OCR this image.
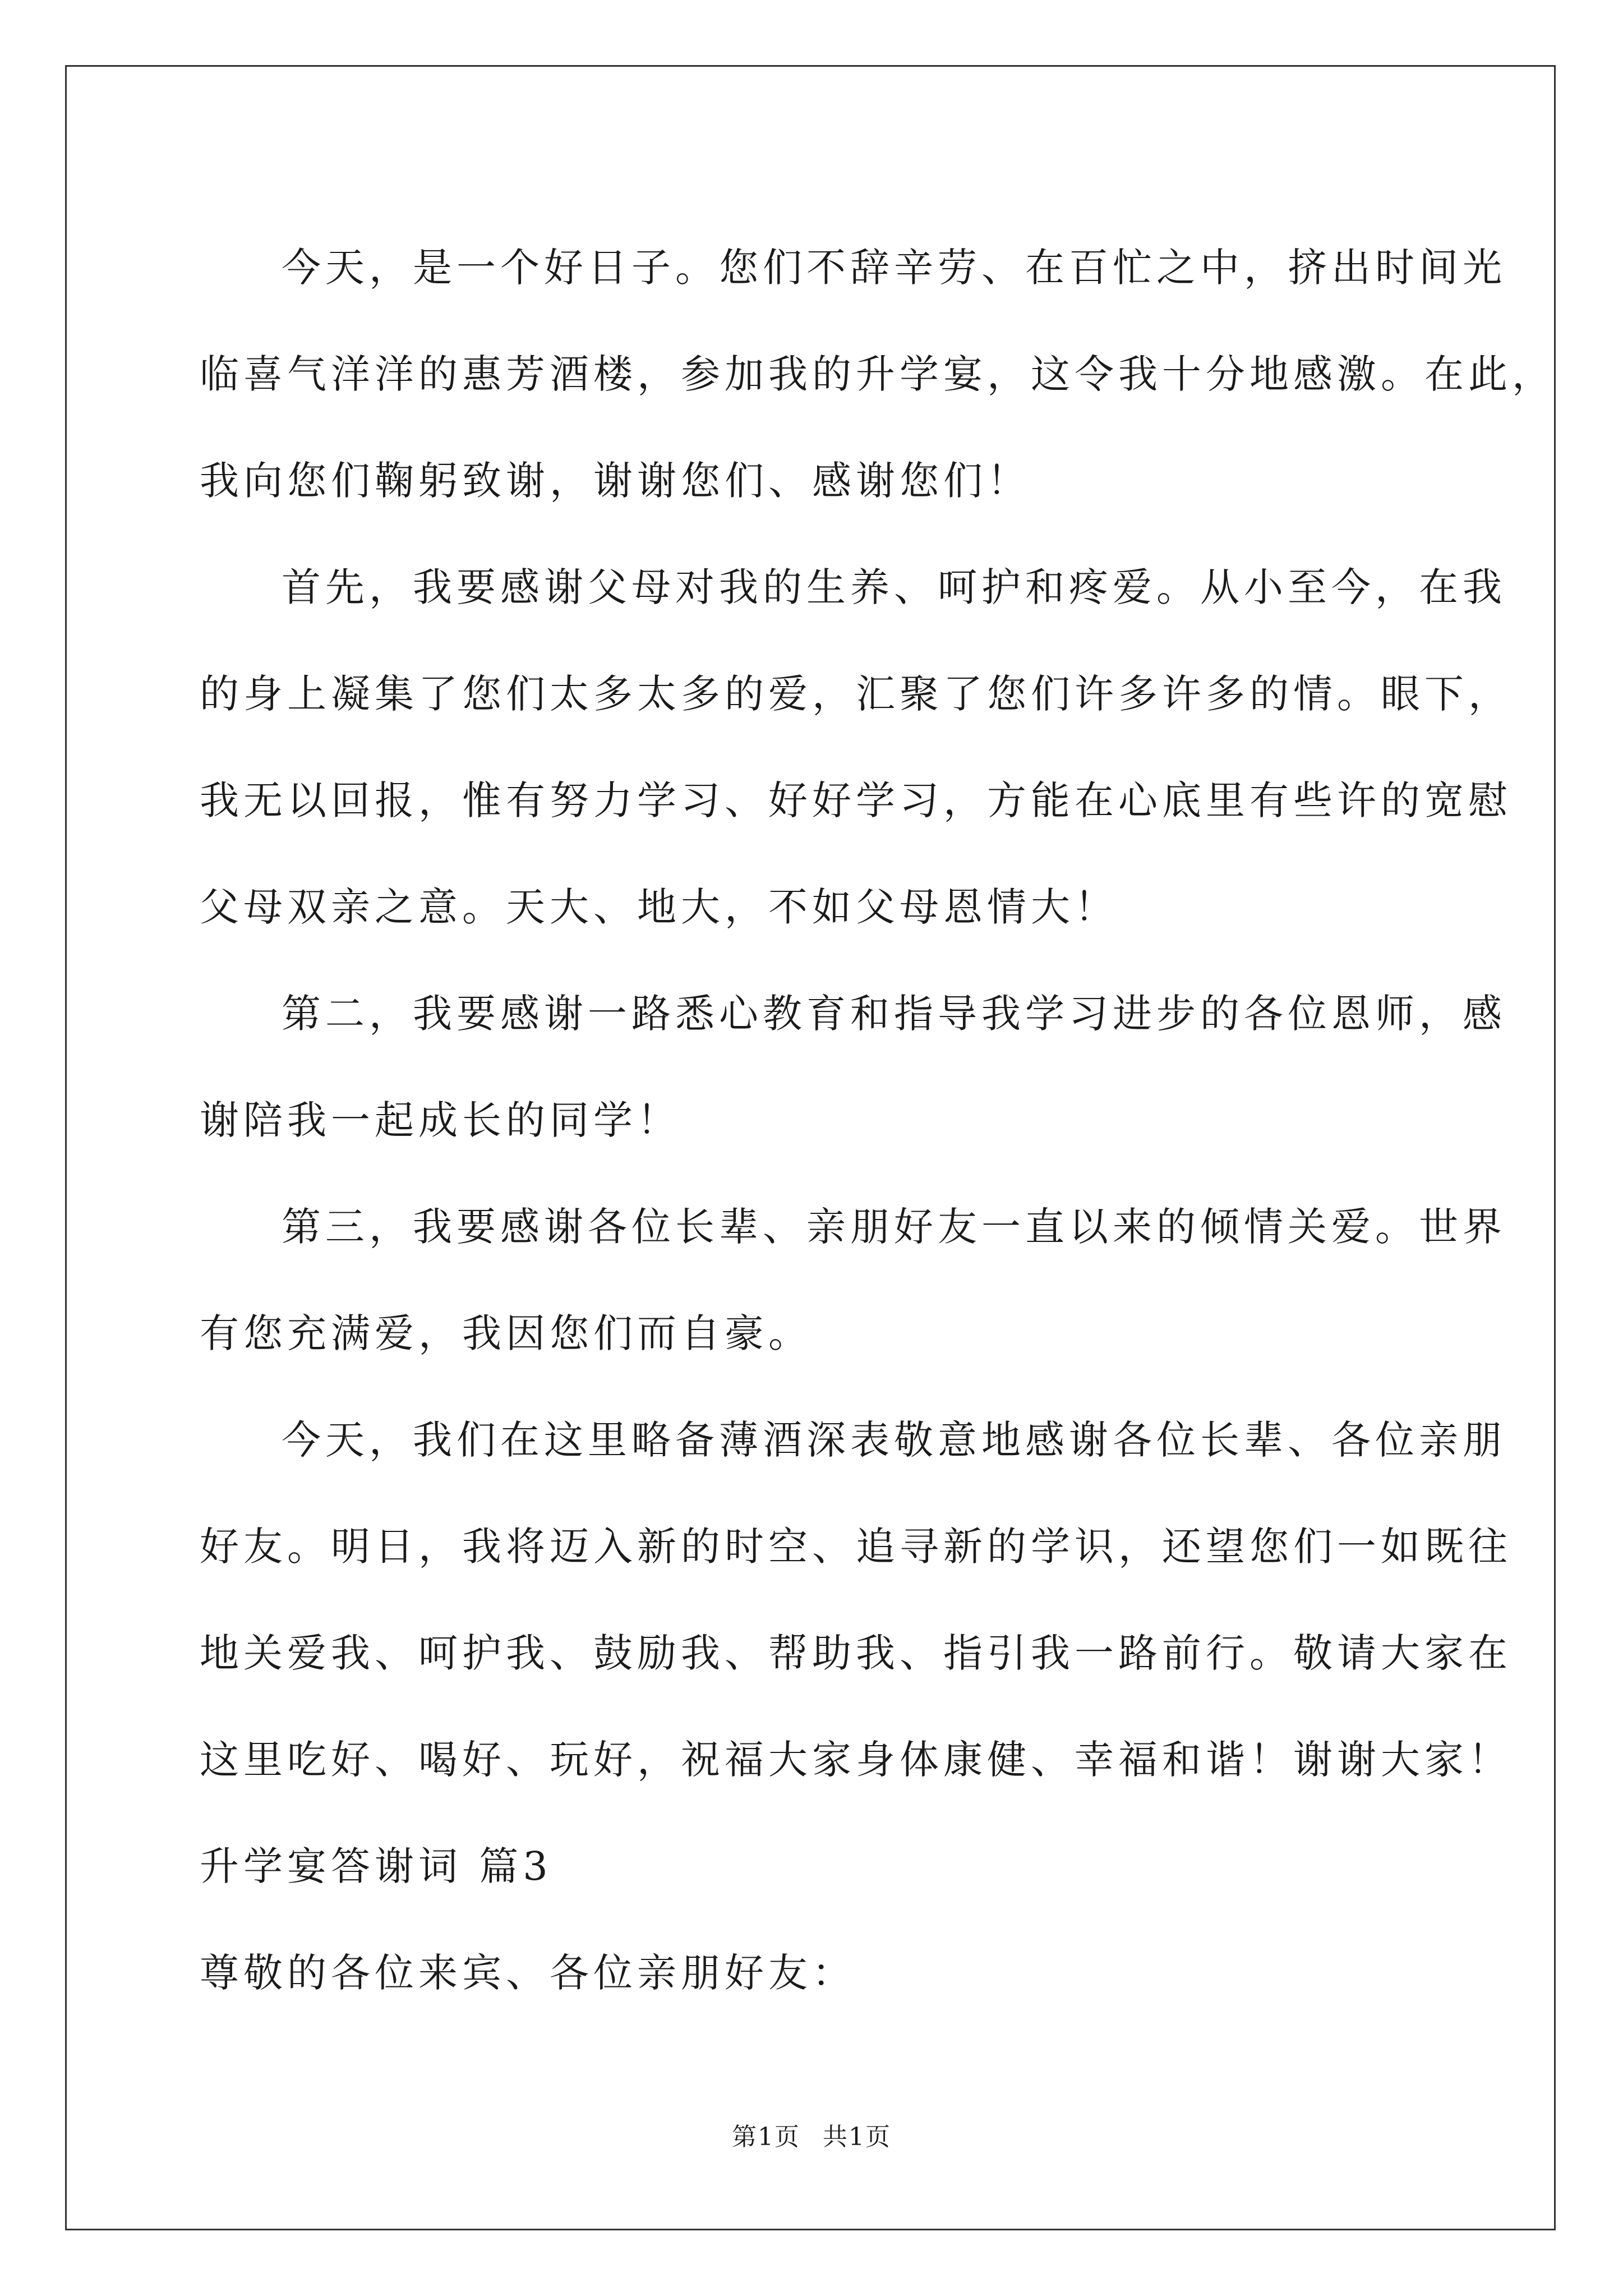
今天，是一个好日子。您们不辞辛劳、在百忙之中，挤出时间光

临喜气洋洋的惠芳酒楼，参加我的升学宴，这令我十分地感激。在此，

我向您们鞠躬致谢，谢谢您们、感谢您们！

首先，我要感谢父母对我的生养、呵护和疼爱。从小至今，在我

的身上凝集了您们太多太多的爱，汇聚了您们许多许多的情。眼下，

我无以回报，惟有努力学习、好好学习，方能在心底里有些许的宽慰

父母双亲之意。天大、地大，不如父母恩情大！

第二，我要感谢一路悉心教育和指导我学习进步的各位恩师，感

谢陪我一起成长的同学！

第三，我要感谢各位长辈、亲朋好友一直以来的倾情关爱。世界

有您充满爱，我因您们而自豪。

今天，我们在这里略备薄酒深表敬意地感谢各位长辈、各位亲朋

好友。明日，我将迈入新的时空、追寻新的学识，还望您们一如既往

地关爱我、呵护我、鼓励我、帮助我、指引我一路前行。敬请大家在

这里吃好、喝好、玩好，祝福大家身体康健、幸福和谐！谢谢大家！

升学宴答谢词 篇3

尊敬的各位来宾、各位亲朋好友：

第1页 共1页
